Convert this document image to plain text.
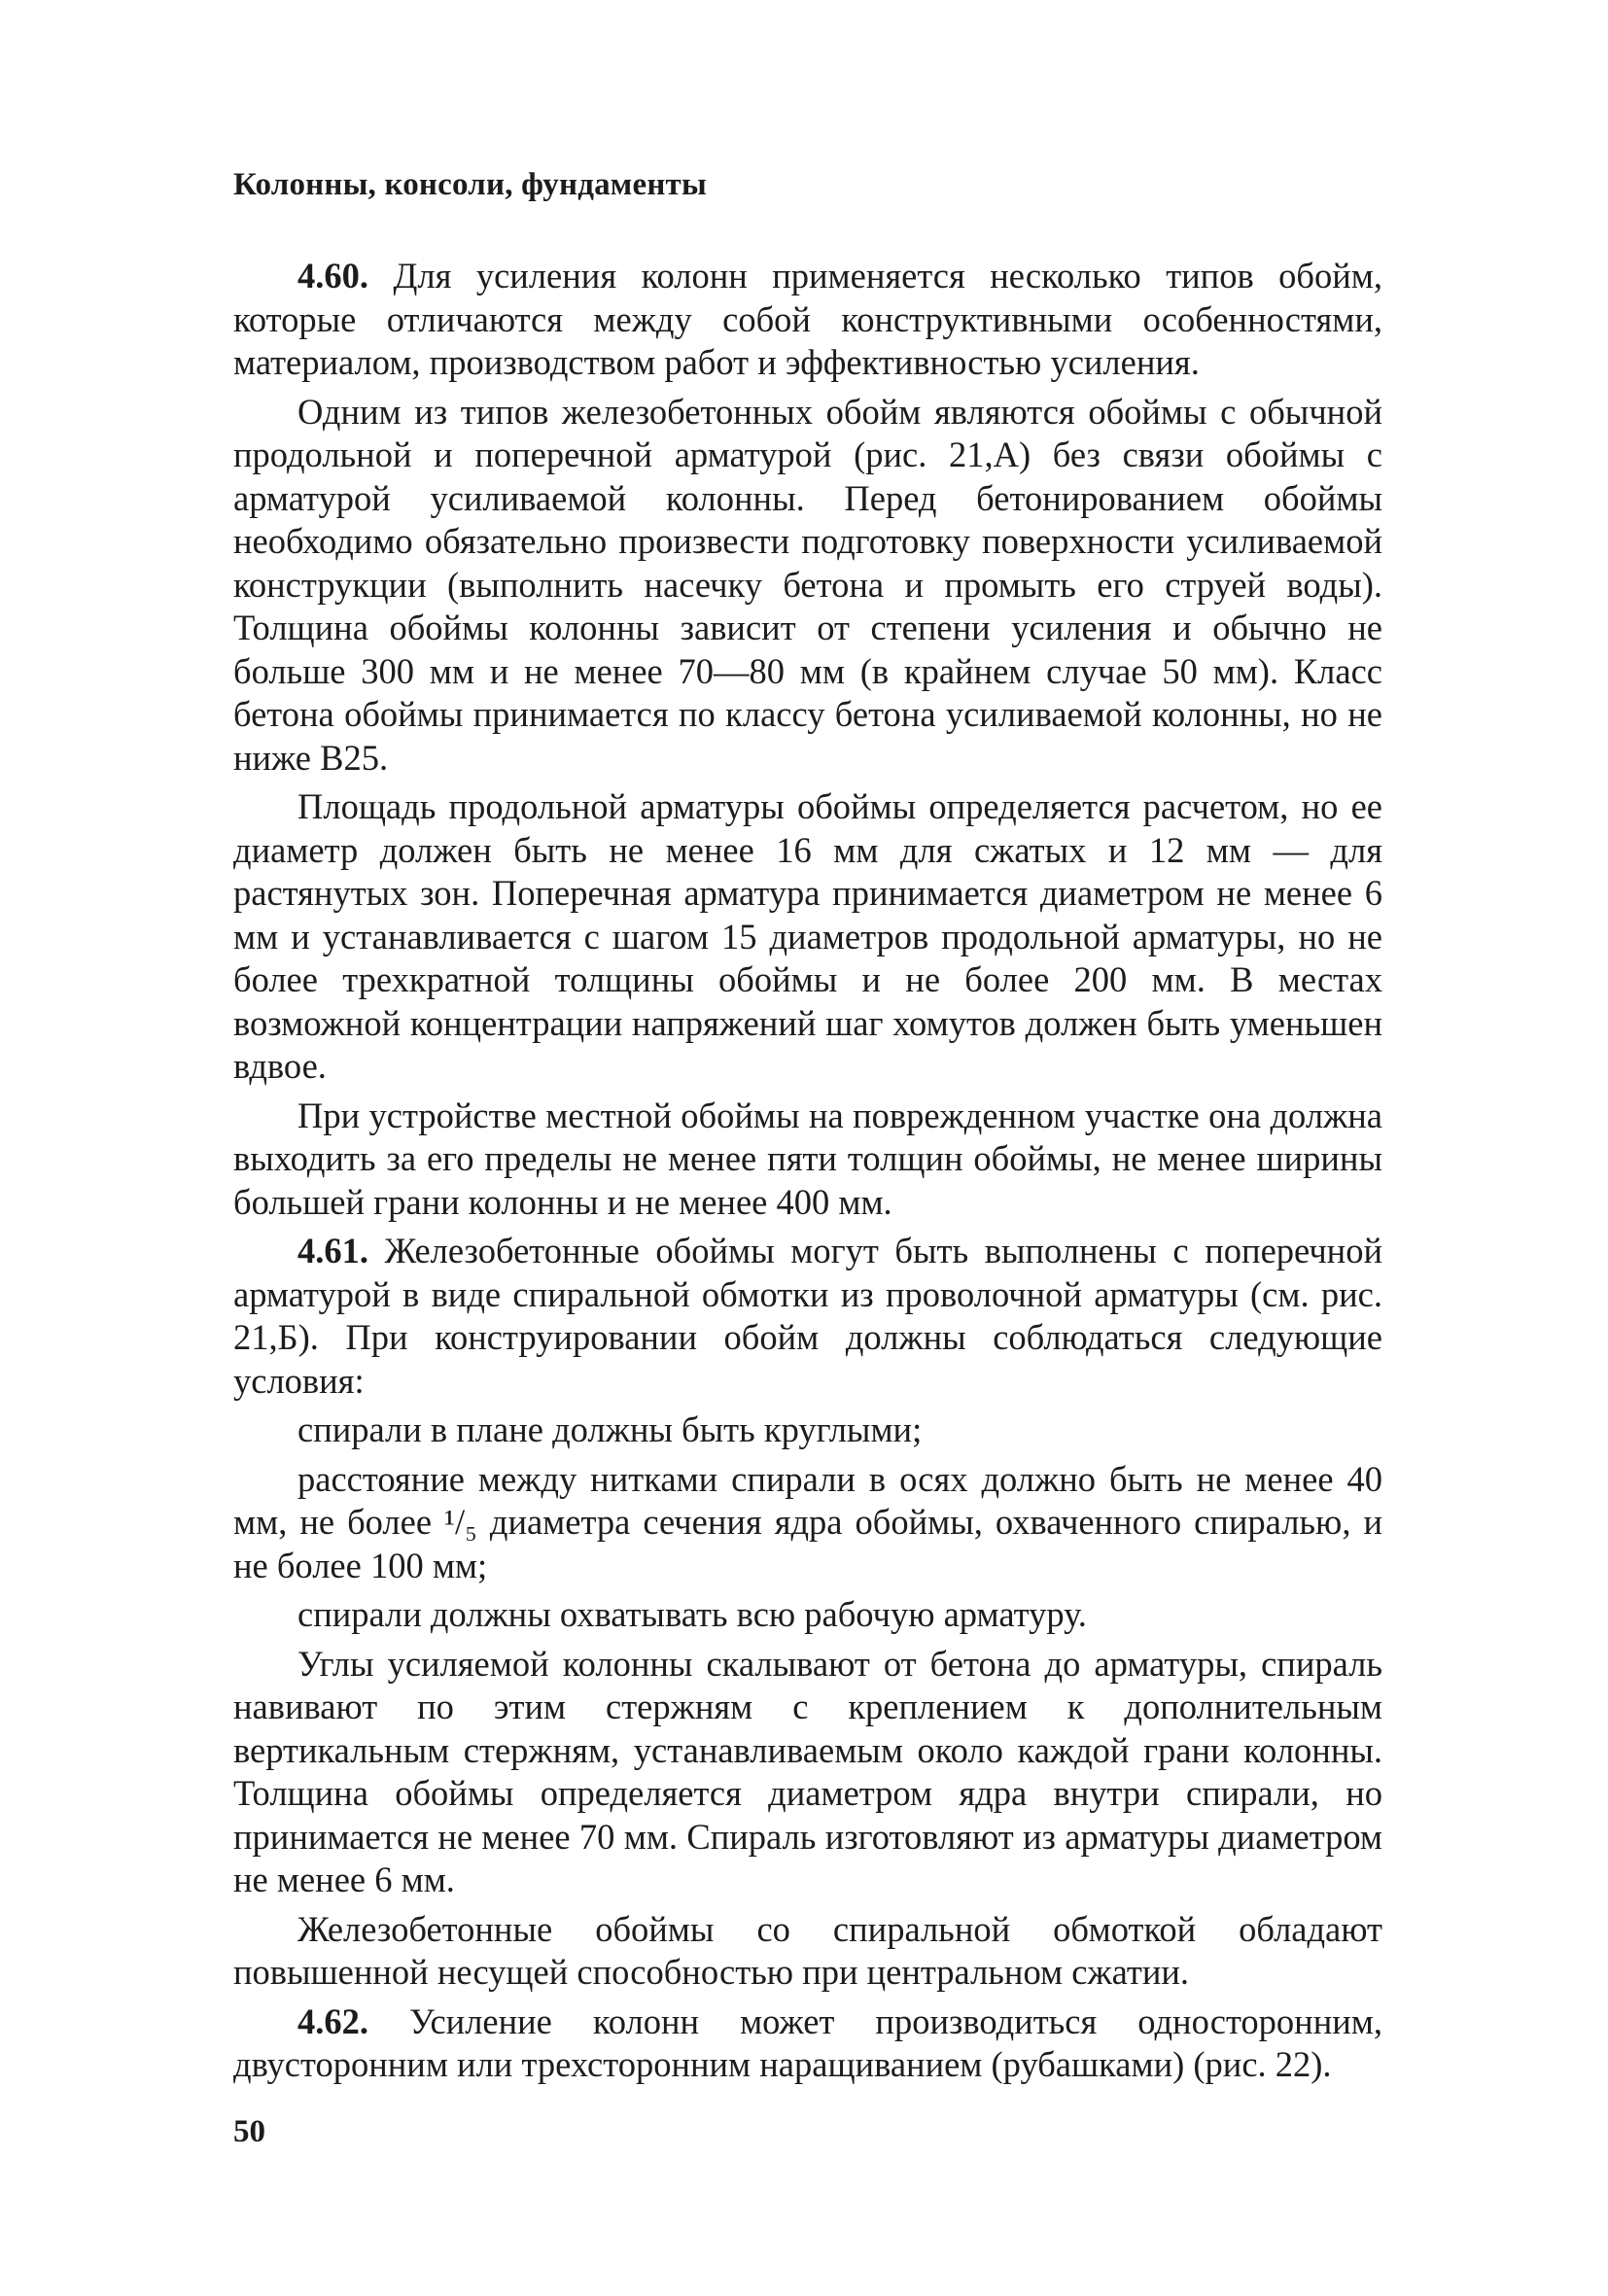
Колонны, консоли, фундаменты

4.60. Для усиления колонн применяется несколько типов обойм, которые отличаются между собой конструктивными особенностями, материалом, производством работ и эффективностью усиления.

Одним из типов железобетонных обойм являются обоймы с обычной продольной и поперечной арматурой (рис. 21,А) без связи обоймы с арматурой усиливаемой колонны. Перед бетонированием обоймы необходимо обязательно произвести подготовку поверхности усиливаемой конструкции (выполнить насечку бетона и промыть его струей воды). Толщина обоймы колонны зависит от степени усиления и обычно не больше 300 мм и не менее 70—80 мм (в крайнем случае 50 мм). Класс бетона обоймы принимается по классу бетона усиливаемой колонны, но не ниже В25.

Площадь продольной арматуры обоймы определяется расчетом, но ее диаметр должен быть не менее 16 мм для сжатых и 12 мм — для растянутых зон. Поперечная арматура принимается диаметром не менее 6 мм и устанавливается с шагом 15 диаметров продольной арматуры, но не более трехкратной толщины обоймы и не более 200 мм. В местах возможной концентрации напряжений шаг хомутов должен быть уменьшен вдвое.

При устройстве местной обоймы на поврежденном участке она должна выходить за его пределы не менее пяти толщин обоймы, не менее ширины большей грани колонны и не менее 400 мм.

4.61. Железобетонные обоймы могут быть выполнены с поперечной арматурой в виде спиральной обмотки из проволочной арматуры (см. рис. 21,Б). При конструировании обойм должны соблюдаться следующие условия:

спирали в плане должны быть круглыми;

расстояние между нитками спирали в осях должно быть не менее 40 мм, не более ¹/₅ диаметра сечения ядра обоймы, охваченного спиралью, и не более 100 мм;

спирали должны охватывать всю рабочую арматуру.

Углы усиляемой колонны скалывают от бетона до арматуры, спираль навивают по этим стержням с креплением к дополнительным вертикальным стержням, устанавливаемым около каждой грани колонны. Толщина обоймы определяется диаметром ядра внутри спирали, но принимается не менее 70 мм. Спираль изготовляют из арматуры диаметром не менее 6 мм.

Железобетонные обоймы со спиральной обмоткой обладают повышенной несущей способностью при центральном сжатии.

4.62. Усиление колонн может производиться односторонним, двусторонним или трехсторонним наращиванием (рубашками) (рис. 22).

50
